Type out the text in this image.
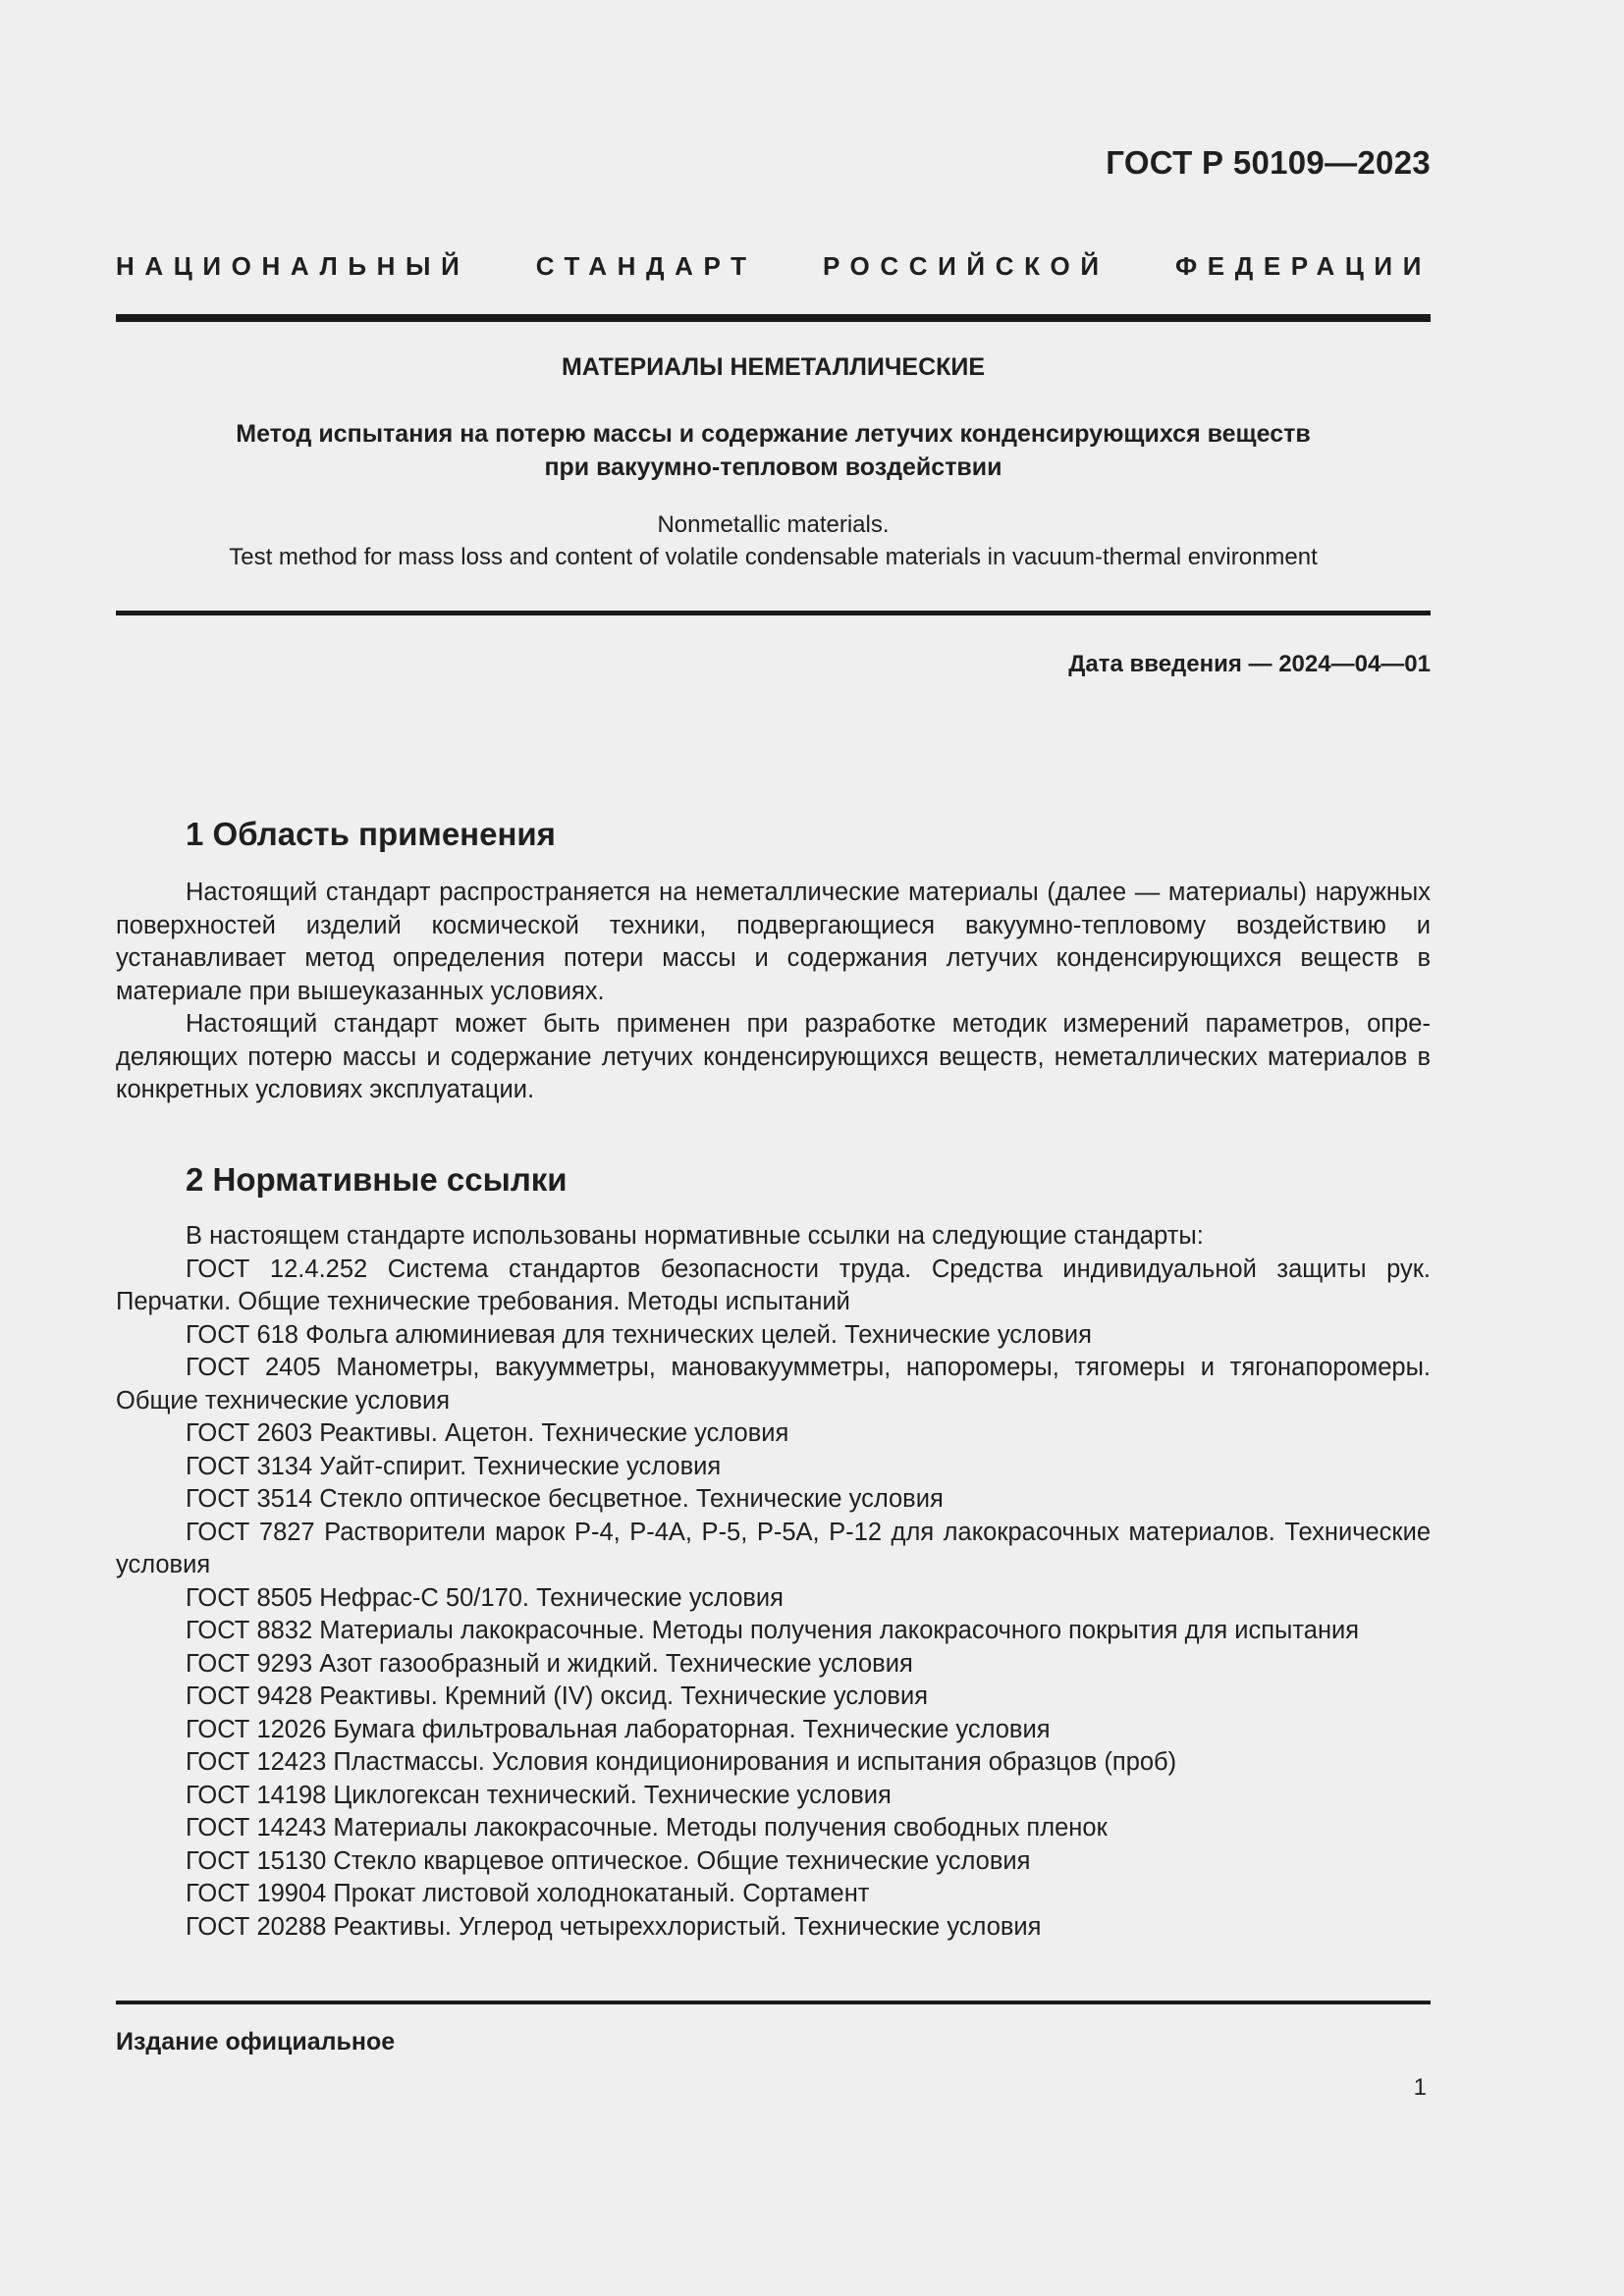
ГОСТ Р 50109—2023
НАЦИОНАЛЬНЫЙ СТАНДАРТ РОССИЙСКОЙ ФЕДЕРАЦИИ
МАТЕРИАЛЫ НЕМЕТАЛЛИЧЕСКИЕ
Метод испытания на потерю массы и содержание летучих конденсирующихся веществ
при вакуумно-тепловом воздействии
Nonmetallic materials.
Test method for mass loss and content of volatile condensable materials in vacuum-thermal environment
Дата введения — 2024—04—01
1 Область применения

Настоящий стандарт распространяется на неметаллические материалы (далее — материалы) наружных поверхностей изделий космической техники, подвергающиеся вакуумно-тепловому воздействию и устанавливает метод определения потери массы и содержания летучих конденсирующихся веществ в материале при вышеуказанных условиях.

Настоящий стандарт может быть применен при разработке методик измерений параметров, определяющих потерю массы и содержание летучих конденсирующихся веществ, неметаллических материалов в конкретных условиях эксплуатации.

2 Нормативные ссылки

В настоящем стандарте использованы нормативные ссылки на следующие стандарты:

ГОСТ 12.4.252 Система стандартов безопасности труда. Средства индивидуальной защиты рук. Перчатки. Общие технические требования. Методы испытаний

ГОСТ 618 Фольга алюминиевая для технических целей. Технические условия

ГОСТ 2405 Манометры, вакуумметры, мановакуумметры, напоромеры, тягомеры и тягонапоромеры. Общие технические условия

ГОСТ 2603 Реактивы. Ацетон. Технические условия

ГОСТ 3134 Уайт-спирит. Технические условия

ГОСТ 3514 Стекло оптическое бесцветное. Технические условия

ГОСТ 7827 Растворители марок Р-4, Р-4А, Р-5, Р-5А, Р-12 для лакокрасочных материалов. Технические условия

ГОСТ 8505 Нефрас-С 50/170. Технические условия

ГОСТ 8832 Материалы лакокрасочные. Методы получения лакокрасочного покрытия для испытания

ГОСТ 9293 Азот газообразный и жидкий. Технические условия

ГОСТ 9428 Реактивы. Кремний (IV) оксид. Технические условия

ГОСТ 12026 Бумага фильтровальная лабораторная. Технические условия

ГОСТ 12423 Пластмассы. Условия кондиционирования и испытания образцов (проб)

ГОСТ 14198 Циклогексан технический. Технические условия

ГОСТ 14243 Материалы лакокрасочные. Методы получения свободных пленок

ГОСТ 15130 Стекло кварцевое оптическое. Общие технические условия

ГОСТ 19904 Прокат листовой холоднокатаный. Сортамент

ГОСТ 20288 Реактивы. Углерод четыреххлористый. Технические условия

Издание официальное
1
